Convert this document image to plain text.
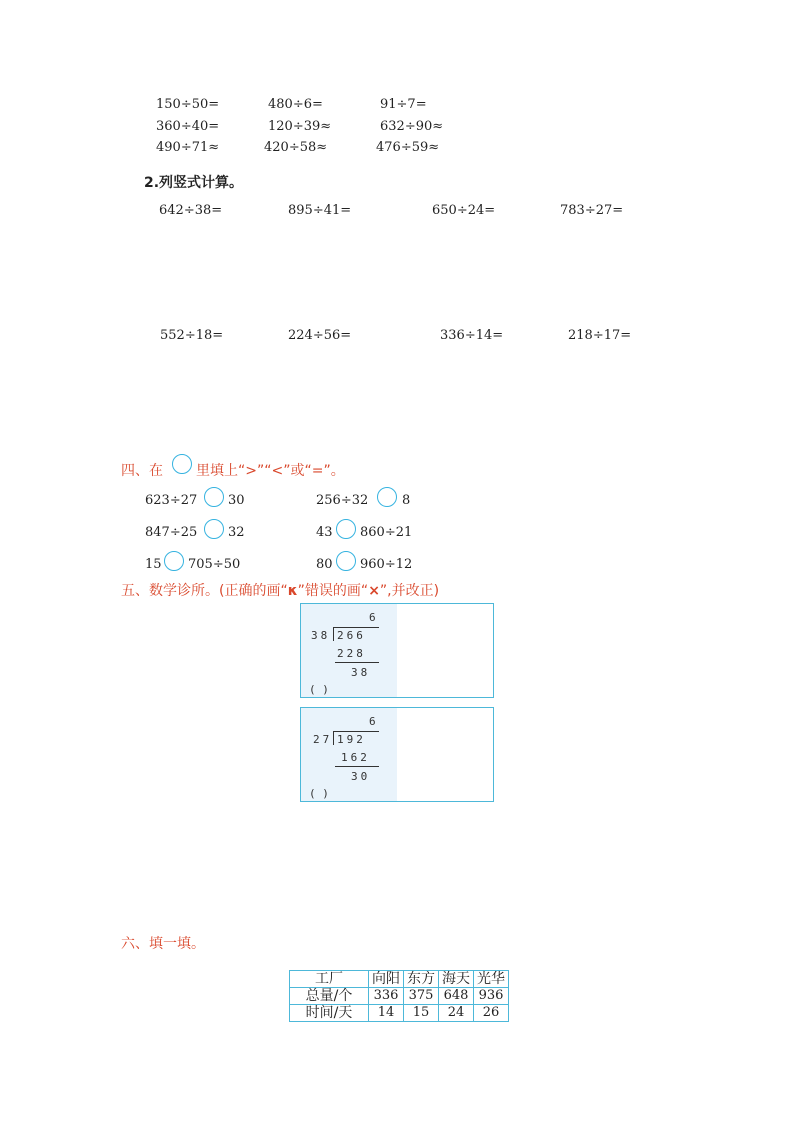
150÷50=	480÷6=	91÷7=
360÷40=	120÷39≈	632÷90≈
490÷71≈	420÷58≈	476÷59≈
2.列竖式计算。
642÷38=	895÷41=	650÷24=	783÷27=
552÷18=	224÷56=	336÷14=	218÷17=
四、在 里填上“>”“<”或“=”。
623÷27 30	256÷32	8
847÷25 32	43 860÷21
15 705÷50	80 960÷12
五、数学诊所。(正确的画“κ”错误的画“×”,并改正)
6
38 266
228
38
( )
6
27 192
162
30
( )
六、填一填。
工厂	向阳	东方	海天	光华
总量/个	336	375	648	936
时间/天	14	15	24	26
